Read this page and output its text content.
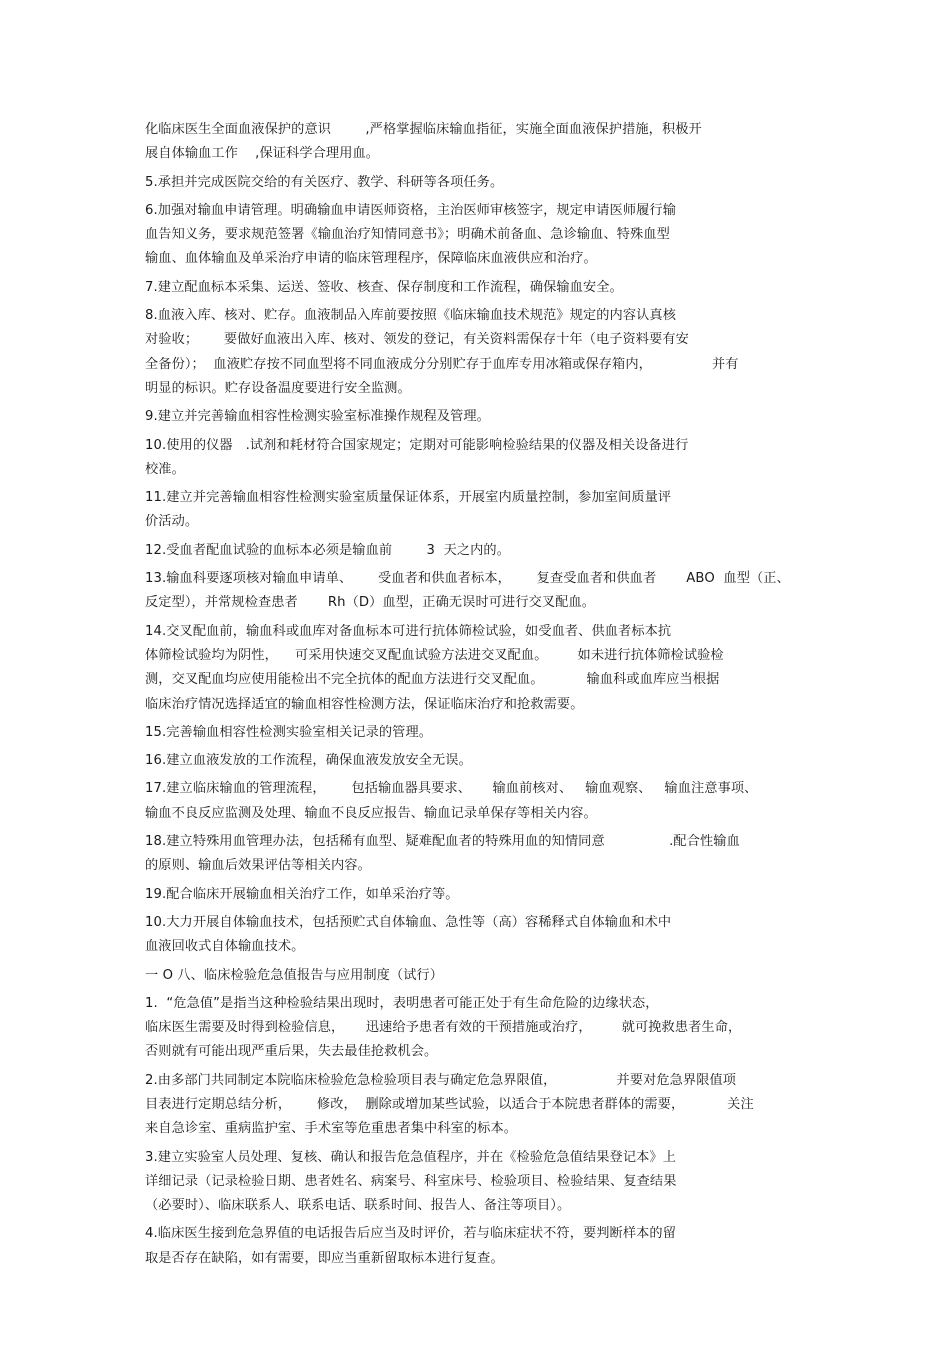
化临床医生全面血液保护的意识        ,严格掌握临床输血指征，实施全面血液保护措施，积极开
展自体输血工作    ,保证科学合理用血。
5.承担并完成医院交给的有关医疗、教学、科研等各项任务。
6.加强对输血申请管理。明确输血申请医师资格，主治医师审核签字，规定申请医师履行输
血告知义务，要求规范签署《输血治疗知情同意书》；明确术前备血、急诊输血、特殊血型
输血、血体输血及单采治疗申请的临床管理程序，保障临床血液供应和治疗。
7.建立配血标本采集、运送、签收、核查、保存制度和工作流程，确保输血安全。
8.血液入库、核对、贮存。血液制品入库前要按照《临床输血技术规范》规定的内容认真核
对验收；      要做好血液出入库、核对、领发的登记，有关资料需保存十年（电子资料要有安
全备份）；  血液贮存按不同血型将不同血液成分分别贮存于血库专用冰箱或保存箱内，              并有
明显的标识。贮存设备温度要进行安全监测。
9.建立并完善输血相容性检测实验室标准操作规程及管理。
10.使用的仪器   .试剂和耗材符合国家规定；定期对可能影响检验结果的仪器及相关设备进行
校准。
11.建立并完善输血相容性检测实验室质量保证体系，开展室内质量控制，参加室间质量评
价活动。
12.受血者配血试验的血标本必须是输血前        3  天之内的。
13.输血科要逐项核对输血申请单、      受血者和供血者标本，      复查受血者和供血者       ABO  血型（正、
反定型），并常规检查患者       Rh（D）血型，正确无误时可进行交叉配血。
14.交叉配血前，输血科或血库对备血标本可进行抗体筛检试验，如受血者、供血者标本抗
体筛检试验均为阴性，    可采用快速交叉配血试验方法进交叉配血。       如未进行抗体筛检试验检
测，交叉配血均应使用能检出不完全抗体的配血方法进行交叉配血。          输血科或血库应当根据
临床治疗情况选择适宜的输血相容性检测方法，保证临床治疗和抢救需要。
15.完善输血相容性检测实验室相关记录的管理。
16.建立血液发放的工作流程，确保血液发放安全无误。
17.建立临床输血的管理流程，      包括输血器具要求、     输血前核对、   输血观察、   输血注意事项、
输血不良反应监测及处理、输血不良反应报告、输血记录单保存等相关内容。
18.建立特殊用血管理办法，包括稀有血型、疑难配血者的特殊用血的知情同意               .配合性输血
的原则、输血后效果评估等相关内容。
19.配合临床开展输血相关治疗工作，如单采治疗等。
10.大力开展自体输血技术，包括预贮式自体输血、急性等（高）容稀释式自体输血和术中
血液回收式自体输血技术。
一 O 八、临床检验危急值报告与应用制度（试行）
1.  “危急值”是指当这种检验结果出现时，表明患者可能正处于有生命危险的边缘状态，
临床医生需要及时得到检验信息，     迅速给予患者有效的干预措施或治疗，       就可挽救患者生命，
否则就有可能出现严重后果，失去最佳抢救机会。
2.由多部门共同制定本院临床检验危急检验项目表与确定危急界限值，              并要对危急界限值项
目表进行定期总结分析，      修改，  删除或增加某些试验，以适合于本院患者群体的需要，          关注
来自急诊室、重病监护室、手术室等危重患者集中科室的标本。
3.建立实验室人员处理、复核、确认和报告危急值程序，并在《检验危急值结果登记本》上
详细记录（记录检验日期、患者姓名、病案号、科室床号、检验项目、检验结果、复查结果
（必要时）、临床联系人、联系电话、联系时间、报告人、备注等项目）。
4.临床医生接到危急界值的电话报告后应当及时评价，若与临床症状不符，要判断样本的留
取是否存在缺陷，如有需要，即应当重新留取标本进行复查。
